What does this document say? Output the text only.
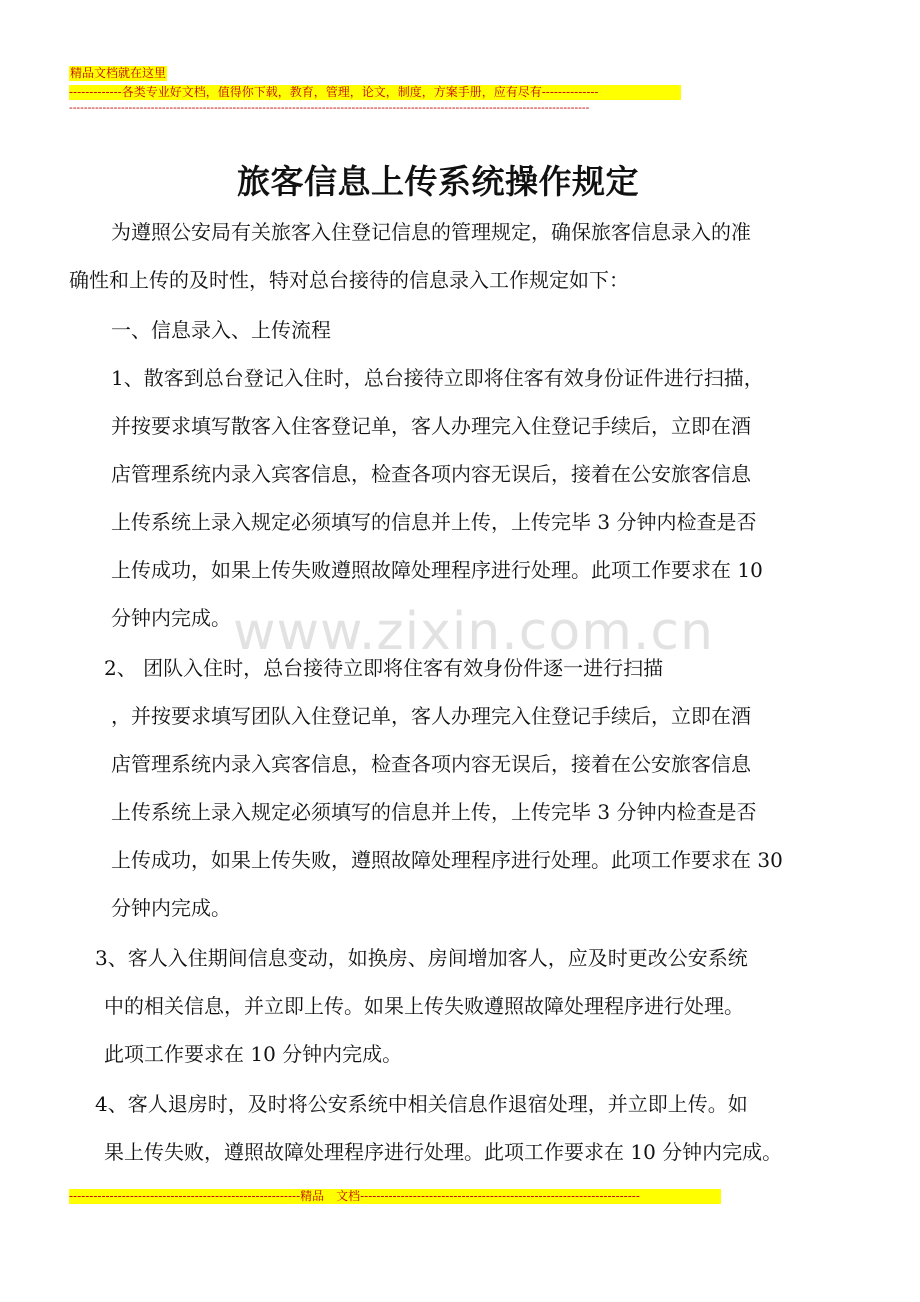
精品文档就在这里
-------------各类专业好文档，值得你下载，教育，管理，论文，制度，方案手册，应有尽有--------------
--------------------------------------------------------------------------------------------------------------------------------------------
旅客信息上传系统操作规定

为遵照公安局有关旅客入住登记信息的管理规定，确保旅客信息录入的准

确性和上传的及时性，特对总台接待的信息录入工作规定如下：

一、信息录入、上传流程

1、散客到总台登记入住时，总台接待立即将住客有效身份证件进行扫描，

并按要求填写散客入住客登记单，客人办理完入住登记手续后，立即在酒

店管理系统内录入宾客信息，检查各项内容无误后，接着在公安旅客信息

上传系统上录入规定必须填写的信息并上传，上传完毕 3 分钟内检查是否

上传成功，如果上传失败遵照故障处理程序进行处理。此项工作要求在 10

分钟内完成。

2、 团队入住时，总台接待立即将住客有效身份件逐一进行扫描

，并按要求填写团队入住登记单，客人办理完入住登记手续后，立即在酒

店管理系统内录入宾客信息，检查各项内容无误后，接着在公安旅客信息

上传系统上录入规定必须填写的信息并上传，上传完毕 3 分钟内检查是否

上传成功，如果上传失败，遵照故障处理程序进行处理。此项工作要求在 30

分钟内完成。

3、客人入住期间信息变动，如换房、房间增加客人，应及时更改公安系统

中的相关信息，并立即上传。如果上传失败遵照故障处理程序进行处理。

此项工作要求在 10 分钟内完成。

4、客人退房时，及时将公安系统中相关信息作退宿处理，并立即上传。如

果上传失败，遵照故障处理程序进行处理。此项工作要求在 10 分钟内完成。

www.zixin.com.cn
---------------------------------------------------------精品　文档---------------------------------------------------------------------
